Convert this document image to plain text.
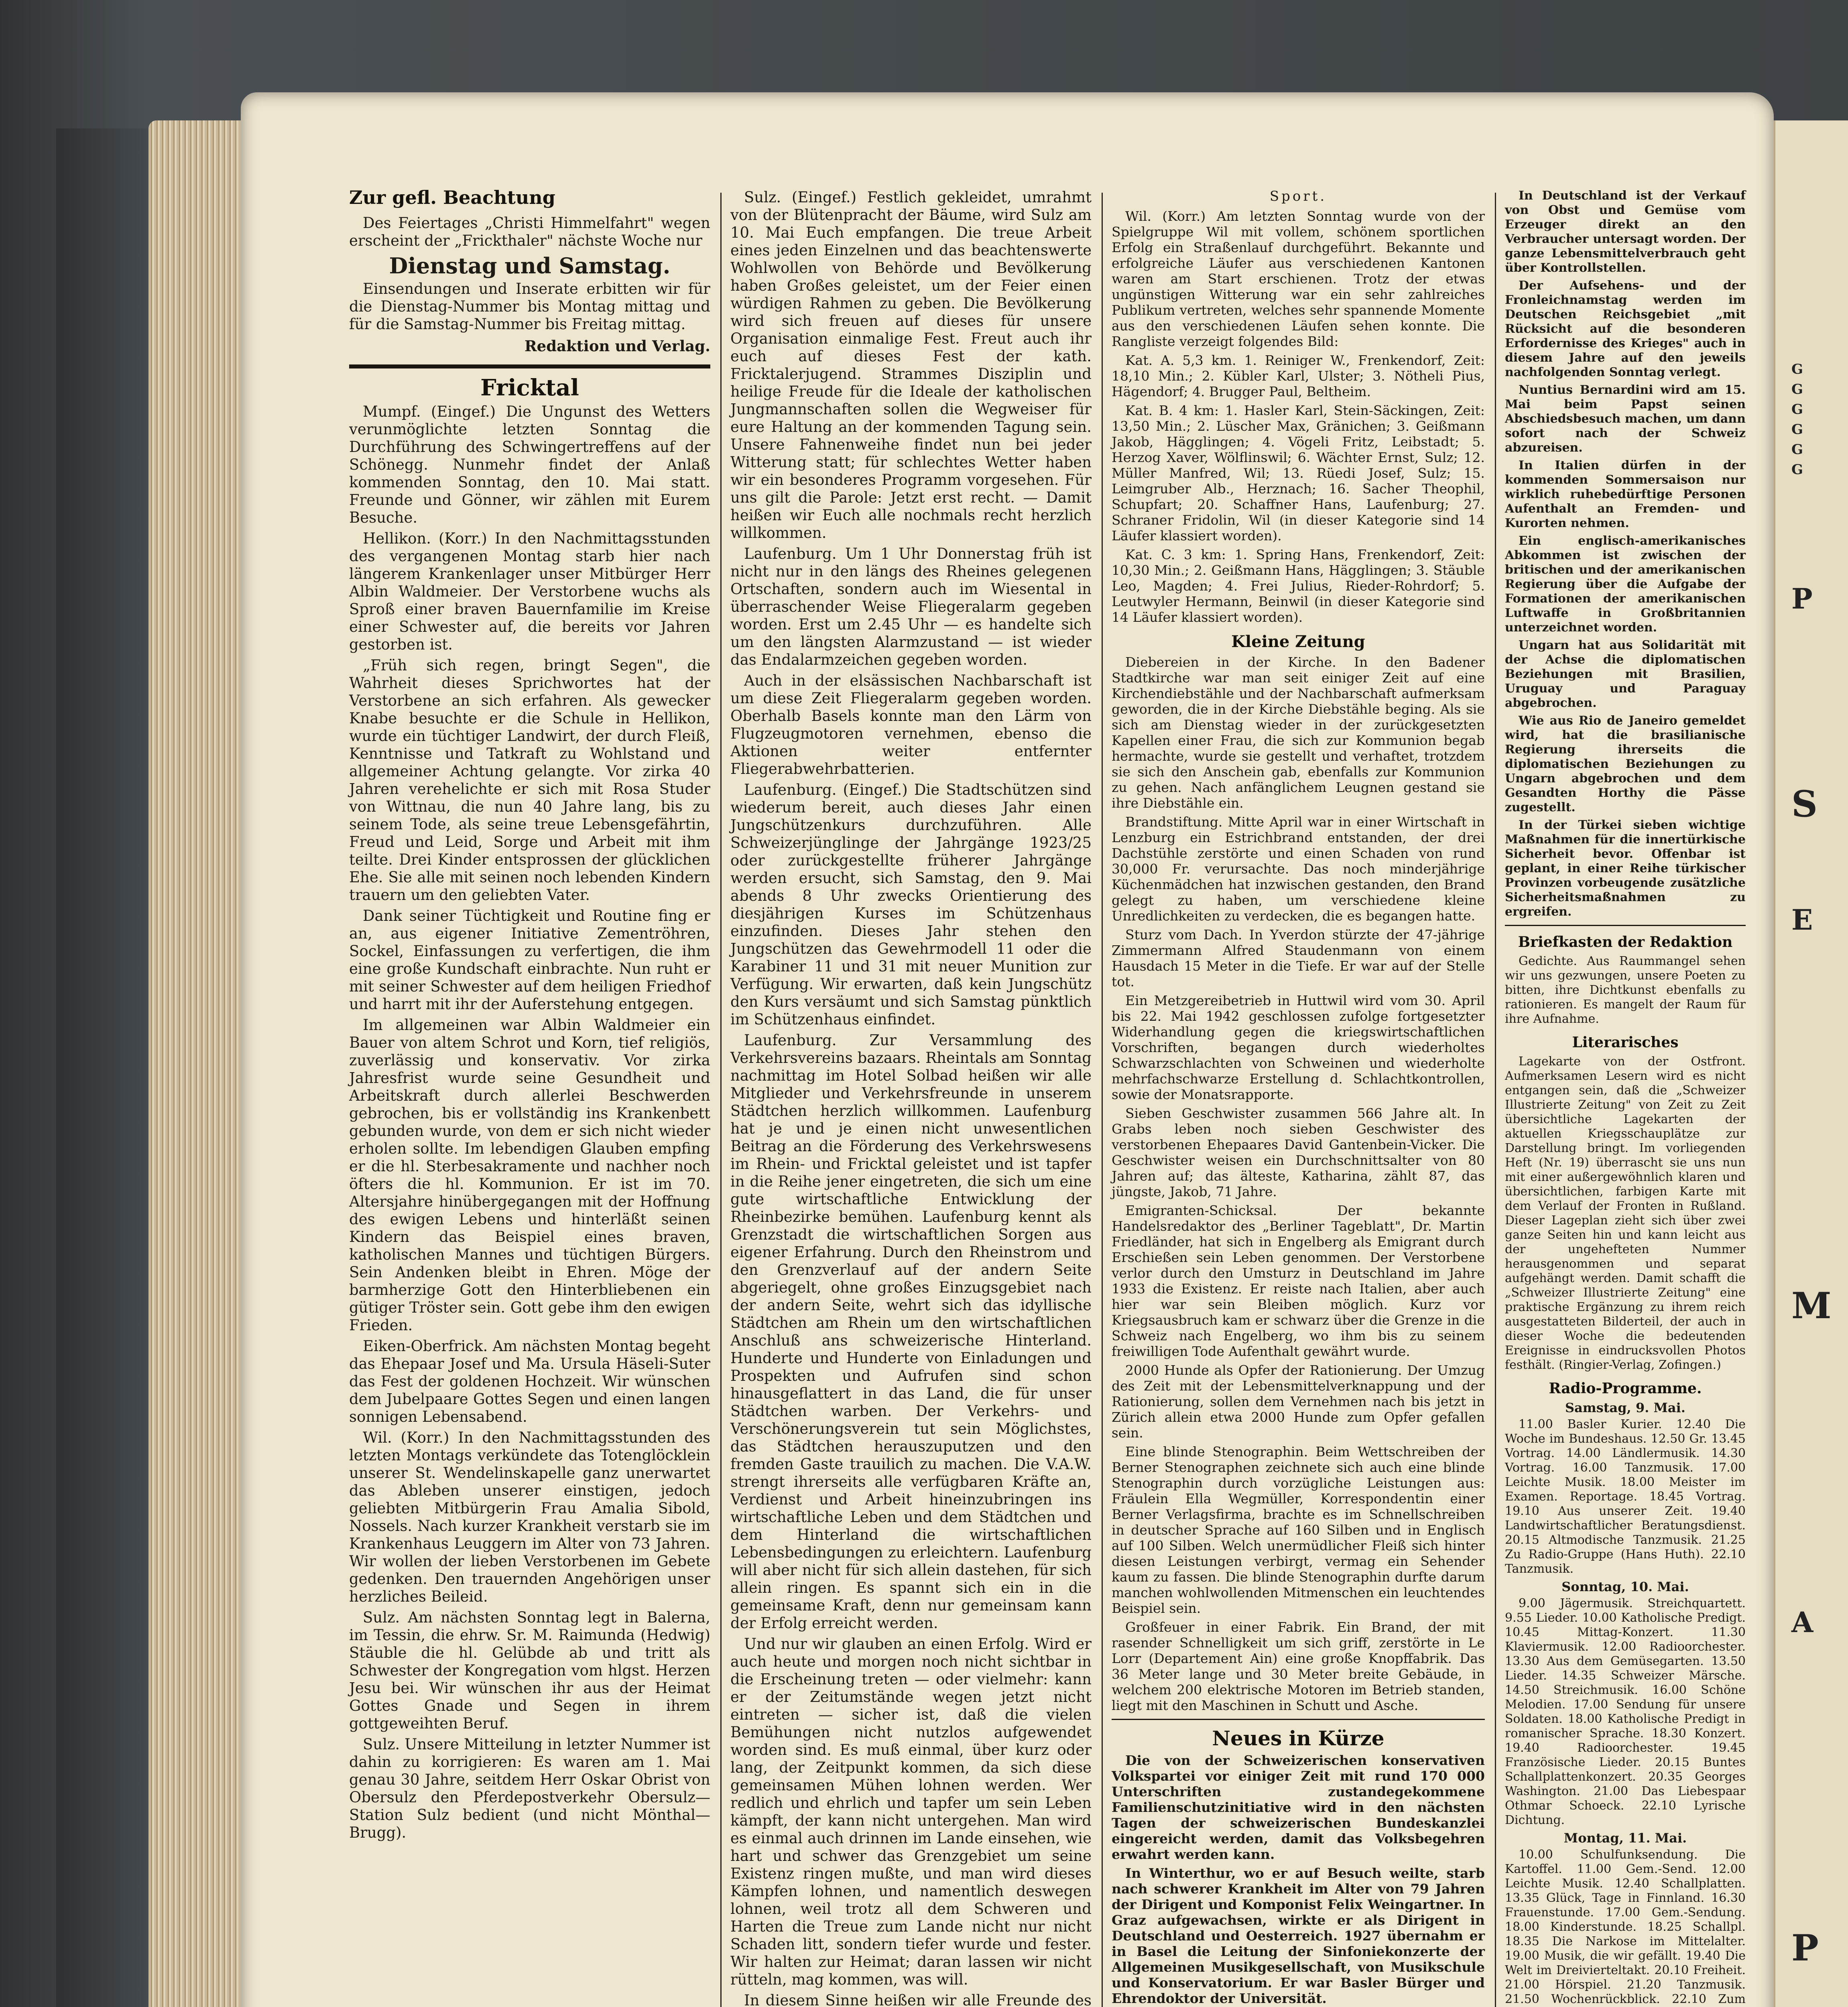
G
G
G
G
G
G
P
S
E
A
P
M
Zur gefl. Beachtung

Des Feiertages „Christi Himmelfahrt" wegen erscheint der „Frickthaler" nächste Woche nur

Dienstag und Samstag.

Einsendungen und Inserate erbitten wir für die Dienstag-Nummer bis Montag mittag und für die Samstag-Nummer bis Freitag mittag.

Redaktion und Verlag.
Fricktal

Mumpf. (Eingef.) Die Ungunst des Wetters verunmöglichte letzten Sonntag die Durchführung des Schwingertreffens auf der Schönegg. Nunmehr findet der Anlaß kommenden Sonntag, den 10. Mai statt. Freunde und Gönner, wir zählen mit Eurem Besuche.

Hellikon. (Korr.) In den Nachmittagsstunden des vergangenen Montag starb hier nach längerem Krankenlager unser Mitbürger Herr Albin Waldmeier. Der Verstorbene wuchs als Sproß einer braven Bauernfamilie im Kreise einer Schwester auf, die bereits vor Jahren gestorben ist.

„Früh sich regen, bringt Segen", die Wahrheit dieses Sprichwortes hat der Verstorbene an sich erfahren. Als gewecker Knabe besuchte er die Schule in Hellikon, wurde ein tüchtiger Landwirt, der durch Fleiß, Kenntnisse und Tatkraft zu Wohlstand und allgemeiner Achtung gelangte. Vor zirka 40 Jahren verehelichte er sich mit Rosa Studer von Wittnau, die nun 40 Jahre lang, bis zu seinem Tode, als seine treue Lebensgefährtin, Freud und Leid, Sorge und Arbeit mit ihm teilte. Drei Kinder entsprossen der glücklichen Ehe. Sie alle mit seinen noch lebenden Kindern trauern um den geliebten Vater.

Dank seiner Tüchtigkeit und Routine fing er an, aus eigener Initiative Zementröhren, Sockel, Einfassungen zu verfertigen, die ihm eine große Kundschaft einbrachte. Nun ruht er mit seiner Schwester auf dem heiligen Friedhof und harrt mit ihr der Auferstehung entgegen.

Im allgemeinen war Albin Waldmeier ein Bauer von altem Schrot und Korn, tief religiös, zuverlässig und konservativ. Vor zirka Jahresfrist wurde seine Gesundheit und Arbeitskraft durch allerlei Beschwerden gebrochen, bis er vollständig ins Krankenbett gebunden wurde, von dem er sich nicht wieder erholen sollte. Im lebendigen Glauben empfing er die hl. Sterbesakramente und nachher noch öfters die hl. Kommunion. Er ist im 70. Altersjahre hinübergegangen mit der Hoffnung des ewigen Lebens und hinterläßt seinen Kindern das Beispiel eines braven, katholischen Mannes und tüchtigen Bürgers. Sein Andenken bleibt in Ehren. Möge der barmherzige Gott den Hinterbliebenen ein gütiger Tröster sein. Gott gebe ihm den ewigen Frieden.

Eiken-Oberfrick. Am nächsten Montag begeht das Ehepaar Josef und Ma. Ursula Häseli-Suter das Fest der goldenen Hochzeit. Wir wünschen dem Jubelpaare Gottes Segen und einen langen sonnigen Lebensabend.

Wil. (Korr.) In den Nachmittagsstunden des letzten Montags verkündete das Totenglöcklein unserer St. Wendelinskapelle ganz unerwartet das Ableben unserer einstigen, jedoch geliebten Mitbürgerin Frau Amalia Sibold, Nossels. Nach kurzer Krankheit verstarb sie im Krankenhaus Leuggern im Alter von 73 Jahren. Wir wollen der lieben Verstorbenen im Gebete gedenken. Den trauernden Angehörigen unser herzliches Beileid.

Sulz. Am nächsten Sonntag legt in Balerna, im Tessin, die ehrw. Sr. M. Raimunda (Hedwig) Stäuble die hl. Gelübde ab und tritt als Schwester der Kongregation vom hlgst. Herzen Jesu bei. Wir wünschen ihr aus der Heimat Gottes Gnade und Segen in ihrem gottgeweihten Beruf.

Sulz. Unsere Mitteilung in letzter Nummer ist dahin zu korrigieren: Es waren am 1. Mai genau 30 Jahre, seitdem Herr Oskar Obrist von Obersulz den Pferdepostverkehr Obersulz—Station Sulz bedient (und nicht Mönthal—Brugg).

Sulz. (Eingef.) Festlich gekleidet, umrahmt von der Blütenpracht der Bäume, wird Sulz am 10. Mai Euch empfangen. Die treue Arbeit eines jeden Einzelnen und das beachtenswerte Wohlwollen von Behörde und Bevölkerung haben Großes geleistet, um der Feier einen würdigen Rahmen zu geben. Die Bevölkerung wird sich freuen auf dieses für unsere Organisation einmalige Fest. Freut auch ihr euch auf dieses Fest der kath. Fricktalerjugend. Strammes Disziplin und heilige Freude für die Ideale der katholischen Jungmannschaften sollen die Wegweiser für eure Haltung an der kommenden Tagung sein. Unsere Fahnenweihe findet nun bei jeder Witterung statt; für schlechtes Wetter haben wir ein besonderes Programm vorgesehen. Für uns gilt die Parole: Jetzt erst recht. — Damit heißen wir Euch alle nochmals recht herzlich willkommen.

Laufenburg. Um 1 Uhr Donnerstag früh ist nicht nur in den längs des Rheines gelegenen Ortschaften, sondern auch im Wiesental in überraschender Weise Fliegeralarm gegeben worden. Erst um 2.45 Uhr — es handelte sich um den längsten Alarmzustand — ist wieder das Endalarmzeichen gegeben worden.

Auch in der elsässischen Nachbarschaft ist um diese Zeit Fliegeralarm gegeben worden. Oberhalb Basels konnte man den Lärm von Flugzeugmotoren vernehmen, ebenso die Aktionen weiter entfernter Fliegerabwehrbatterien.

Laufenburg. (Eingef.) Die Stadtschützen sind wiederum bereit, auch dieses Jahr einen Jungschützenkurs durchzuführen. Alle Schweizerjünglinge der Jahrgänge 1923/25 oder zurückgestellte früherer Jahrgänge werden ersucht, sich Samstag, den 9. Mai abends 8 Uhr zwecks Orientierung des diesjährigen Kurses im Schützenhaus einzufinden. Dieses Jahr stehen den Jungschützen das Gewehrmodell 11 oder die Karabiner 11 und 31 mit neuer Munition zur Verfügung. Wir erwarten, daß kein Jungschütz den Kurs versäumt und sich Samstag pünktlich im Schützenhaus einfindet.

Laufenburg. Zur Versammlung des Verkehrsvereins bazaars. Rheintals am Sonntag nachmittag im Hotel Solbad heißen wir alle Mitglieder und Verkehrsfreunde in unserem Städtchen herzlich willkommen. Laufenburg hat je und je einen nicht unwesentlichen Beitrag an die Förderung des Verkehrswesens im Rhein- und Fricktal geleistet und ist tapfer in die Reihe jener eingetreten, die sich um eine gute wirtschaftliche Entwicklung der Rheinbezirke bemühen. Laufenburg kennt als Grenzstadt die wirtschaftlichen Sorgen aus eigener Erfahrung. Durch den Rheinstrom und den Grenzverlauf auf der andern Seite abgeriegelt, ohne großes Einzugsgebiet nach der andern Seite, wehrt sich das idyllische Städtchen am Rhein um den wirtschaftlichen Anschluß ans schweizerische Hinterland. Hunderte und Hunderte von Einladungen und Prospekten und Aufrufen sind schon hinausgeflattert in das Land, die für unser Städtchen warben. Der Verkehrs- und Verschönerungsverein tut sein Möglichstes, das Städtchen herauszuputzen und den fremden Gaste trauilich zu machen. Die V.A.W. strengt ihrerseits alle verfügbaren Kräfte an, Verdienst und Arbeit hineinzubringen ins wirtschaftliche Leben und dem Städtchen und dem Hinterland die wirtschaftlichen Lebensbedingungen zu erleichtern. Laufenburg will aber nicht für sich allein dastehen, für sich allein ringen. Es spannt sich ein in die gemeinsame Kraft, denn nur gemeinsam kann der Erfolg erreicht werden.

Und nur wir glauben an einen Erfolg. Wird er auch heute und morgen noch nicht sichtbar in die Erscheinung treten — oder vielmehr: kann er der Zeitumstände wegen jetzt nicht eintreten — sicher ist, daß die vielen Bemühungen nicht nutzlos aufgewendet worden sind. Es muß einmal, über kurz oder lang, der Zeitpunkt kommen, da sich diese gemeinsamen Mühen lohnen werden. Wer redlich und ehrlich und tapfer um sein Leben kämpft, der kann nicht untergehen. Man wird es einmal auch drinnen im Lande einsehen, wie hart und schwer das Grenzgebiet um seine Existenz ringen mußte, und man wird dieses Kämpfen lohnen, und namentlich deswegen lohnen, weil trotz all dem Schweren und Harten die Treue zum Lande nicht nur nicht Schaden litt, sondern tiefer wurde und fester. Wir halten zur Heimat; daran lassen wir nicht rütteln, mag kommen, was will.

In diesem Sinne heißen wir alle Freunde des

Sport.

Wil. (Korr.) Am letzten Sonntag wurde von der Spielgruppe Wil mit vollem, schönem sportlichen Erfolg ein Straßenlauf durchgeführt. Bekannte und erfolgreiche Läufer aus verschiedenen Kantonen waren am Start erschienen. Trotz der etwas ungünstigen Witterung war ein sehr zahlreiches Publikum vertreten, welches sehr spannende Momente aus den verschiedenen Läufen sehen konnte. Die Rangliste verzeigt folgendes Bild:

Kat. A. 5,3 km. 1. Reiniger W., Frenkendorf, Zeit: 18,10 Min.; 2. Kübler Karl, Ulster; 3. Nötheli Pius, Hägendorf; 4. Brugger Paul, Beltheim.

Kat. B. 4 km: 1. Hasler Karl, Stein-Säckingen, Zeit: 13,50 Min.; 2. Lüscher Max, Gränichen; 3. Geißmann Jakob, Hägglingen; 4. Vögeli Fritz, Leibstadt; 5. Herzog Xaver, Wölflinswil; 6. Wächter Ernst, Sulz; 12. Müller Manfred, Wil; 13. Rüedi Josef, Sulz; 15. Leimgruber Alb., Herznach; 16. Sacher Theophil, Schupfart; 20. Schaffner Hans, Laufenburg; 27. Schraner Fridolin, Wil (in dieser Kategorie sind 14 Läufer klassiert worden).

Kat. C. 3 km: 1. Spring Hans, Frenkendorf, Zeit: 10,30 Min.; 2. Geißmann Hans, Hägglingen; 3. Stäuble Leo, Magden; 4. Frei Julius, Rieder-Rohrdorf; 5. Leutwyler Hermann, Beinwil (in dieser Kategorie sind 14 Läufer klassiert worden).

Kleine Zeitung

Diebereien in der Kirche. In den Badener Stadtkirche war man seit einiger Zeit auf eine Kirchendiebstähle und der Nachbarschaft aufmerksam geworden, die in der Kirche Diebstähle beging. Als sie sich am Dienstag wieder in der zurückgesetzten Kapellen einer Frau, die sich zur Kommunion begab hermachte, wurde sie gestellt und verhaftet, trotzdem sie sich den Anschein gab, ebenfalls zur Kommunion zu gehen. Nach anfänglichem Leugnen gestand sie ihre Diebstähle ein.

Brandstiftung. Mitte April war in einer Wirtschaft in Lenzburg ein Estrichbrand entstanden, der drei Dachstühle zerstörte und einen Schaden von rund 30,000 Fr. verursachte. Das noch minderjährige Küchenmädchen hat inzwischen gestanden, den Brand gelegt zu haben, um verschiedene kleine Unredlichkeiten zu verdecken, die es begangen hatte.

Sturz vom Dach. In Yverdon stürzte der 47-jährige Zimmermann Alfred Staudenmann von einem Hausdach 15 Meter in die Tiefe. Er war auf der Stelle tot.

Ein Metzgereibetrieb in Huttwil wird vom 30. April bis 22. Mai 1942 geschlossen zufolge fortgesetzter Widerhandlung gegen die kriegswirtschaftlichen Vorschriften, begangen durch wiederholtes Schwarzschlachten von Schweinen und wiederholte mehrfachschwarze Erstellung d. Schlachtkontrollen, sowie der Monatsrapporte.

Sieben Geschwister zusammen 566 Jahre alt. In Grabs leben noch sieben Geschwister des verstorbenen Ehepaares David Gantenbein-Vicker. Die Geschwister weisen ein Durchschnittsalter von 80 Jahren auf; das älteste, Katharina, zählt 87, das jüngste, Jakob, 71 Jahre.

Emigranten-Schicksal. Der bekannte Handelsredaktor des „Berliner Tageblatt", Dr. Martin Friedländer, hat sich in Engelberg als Emigrant durch Erschießen sein Leben genommen. Der Verstorbene verlor durch den Umsturz in Deutschland im Jahre 1933 die Existenz. Er reiste nach Italien, aber auch hier war sein Bleiben möglich. Kurz vor Kriegsausbruch kam er schwarz über die Grenze in die Schweiz nach Engelberg, wo ihm bis zu seinem freiwilligen Tode Aufenthalt gewährt wurde.

2000 Hunde als Opfer der Rationierung. Der Umzug des Zeit mit der Lebensmittelverknappung und der Rationierung, sollen dem Vernehmen nach bis jetzt in Zürich allein etwa 2000 Hunde zum Opfer gefallen sein.

Eine blinde Stenographin. Beim Wettschreiben der Berner Stenographen zeichnete sich auch eine blinde Stenographin durch vorzügliche Leistungen aus: Fräulein Ella Wegmüller, Korrespondentin einer Berner Verlagsfirma, brachte es im Schnellschreiben in deutscher Sprache auf 160 Silben und in Englisch auf 100 Silben. Welch unermüdlicher Fleiß sich hinter diesen Leistungen verbirgt, vermag ein Sehender kaum zu fassen. Die blinde Stenographin durfte darum manchen wohlwollenden Mitmenschen ein leuchtendes Beispiel sein.

Großfeuer in einer Fabrik. Ein Brand, der mit rasender Schnelligkeit um sich griff, zerstörte in Le Lorr (Departement Ain) eine große Knopffabrik. Das 36 Meter lange und 30 Meter breite Gebäude, in welchem 200 elektrische Motoren im Betrieb standen, liegt mit den Maschinen in Schutt und Asche.

Neues in Kürze

Die von der Schweizerischen konservativen Volkspartei vor einiger Zeit mit rund 170 000 Unterschriften zustandegekommene Familienschutzinitiative wird in den nächsten Tagen der schweizerischen Bundeskanzlei eingereicht werden, damit das Volksbegehren erwahrt werden kann.

In Winterthur, wo er auf Besuch weilte, starb nach schwerer Krankheit im Alter von 79 Jahren der Dirigent und Komponist Felix Weingartner. In Graz aufgewachsen, wirkte er als Dirigent in Deutschland und Oesterreich. 1927 übernahm er in Basel die Leitung der Sinfoniekonzerte der Allgemeinen Musikgesellschaft, von Musikschule und Konservatorium. Er war Basler Bürger und Ehrendoktor der Universität.

In Deutschland ist der Verkauf von Obst und Gemüse vom Erzeuger direkt an den Verbraucher untersagt worden. Der ganze Lebensmittelverbrauch geht über Kontrollstellen.

Der Aufsehens- und der Fronleichnamstag werden im Deutschen Reichsgebiet „mit Rücksicht auf die besonderen Erfordernisse des Krieges" auch in diesem Jahre auf den jeweils nachfolgenden Sonntag verlegt.

Nuntius Bernardini wird am 15. Mai beim Papst seinen Abschiedsbesuch machen, um dann sofort nach der Schweiz abzureisen.

In Italien dürfen in der kommenden Sommersaison nur wirklich ruhebedürftige Personen Aufenthalt an Fremden- und Kurorten nehmen.

Ein englisch-amerikanisches Abkommen ist zwischen der britischen und der amerikanischen Regierung über die Aufgabe der Formationen der amerikanischen Luftwaffe in Großbritannien unterzeichnet worden.

Ungarn hat aus Solidarität mit der Achse die diplomatischen Beziehungen mit Brasilien, Uruguay und Paraguay abgebrochen.

Wie aus Rio de Janeiro gemeldet wird, hat die brasilianische Regierung ihrerseits die diplomatischen Beziehungen zu Ungarn abgebrochen und dem Gesandten Horthy die Pässe zugestellt.

In der Türkei sieben wichtige Maßnahmen für die innertürkische Sicherheit bevor. Offenbar ist geplant, in einer Reihe türkischer Provinzen vorbeugende zusätzliche Sicherheitsmaßnahmen zu ergreifen.

Briefkasten der Redaktion

Gedichte. Aus Raummangel sehen wir uns gezwungen, unsere Poeten zu bitten, ihre Dichtkunst ebenfalls zu rationieren. Es mangelt der Raum für ihre Aufnahme.

Literarisches

Lagekarte von der Ostfront. Aufmerksamen Lesern wird es nicht entgangen sein, daß die „Schweizer Illustrierte Zeitung" von Zeit zu Zeit übersichtliche Lagekarten der aktuellen Kriegsschauplätze zur Darstellung bringt. Im vorliegenden Heft (Nr. 19) überrascht sie uns nun mit einer außergewöhnlich klaren und übersichtlichen, farbigen Karte mit dem Verlauf der Fronten in Rußland. Dieser Lageplan zieht sich über zwei ganze Seiten hin und kann leicht aus der ungehefteten Nummer herausgenommen und separat aufgehängt werden. Damit schafft die „Schweizer Illustrierte Zeitung" eine praktische Ergänzung zu ihrem reich ausgestatteten Bilderteil, der auch in dieser Woche die bedeutenden Ereignisse in eindrucksvollen Photos festhält. (Ringier-Verlag, Zofingen.)

Radio-Programme.
Samstag, 9. Mai.

11.00 Basler Kurier. 12.40 Die Woche im Bundeshaus. 12.50 Gr. 13.45 Vortrag. 14.00 Ländlermusik. 14.30 Vortrag. 16.00 Tanzmusik. 17.00 Leichte Musik. 18.00 Meister im Examen. Reportage. 18.45 Vortrag. 19.10 Aus unserer Zeit. 19.40 Landwirtschaftlicher Beratungsdienst. 20.15 Altmodische Tanzmusik. 21.25 Zu Radio-Gruppe (Hans Huth). 22.10 Tanzmusik.

Sonntag, 10. Mai.

9.00 Jägermusik. Streichquartett. 9.55 Lieder. 10.00 Katholische Predigt. 10.45 Mittag-Konzert. 11.30 Klaviermusik. 12.00 Radioorchester. 13.30 Aus dem Gemüsegarten. 13.50 Lieder. 14.35 Schweizer Märsche. 14.50 Streichmusik. 16.00 Schöne Melodien. 17.00 Sendung für unsere Soldaten. 18.00 Katholische Predigt in romanischer Sprache. 18.30 Konzert. 19.40 Radioorchester. 19.45 Französische Lieder. 20.15 Buntes Schallplattenkonzert. 20.35 Georges Washington. 21.00 Das Liebespaar Othmar Schoeck. 22.10 Lyrische Dichtung.

Montag, 11. Mai.

10.00 Schulfunksendung. Die Kartoffel. 11.00 Gem.-Send. 12.00 Leichte Musik. 12.40 Schallplatten. 13.35 Glück, Tage in Finnland. 16.30 Frauenstunde. 17.00 Gem.-Sendung. 18.00 Kinderstunde. 18.25 Schallpl. 18.35 Die Narkose im Mittelalter. 19.00 Musik, die wir gefällt. 19.40 Die Welt im Dreivierteltakt. 20.10 Freiheit. 21.00 Hörspiel. 21.20 Tanzmusik. 21.50 Wochenrückblick. 22.10 Zum
